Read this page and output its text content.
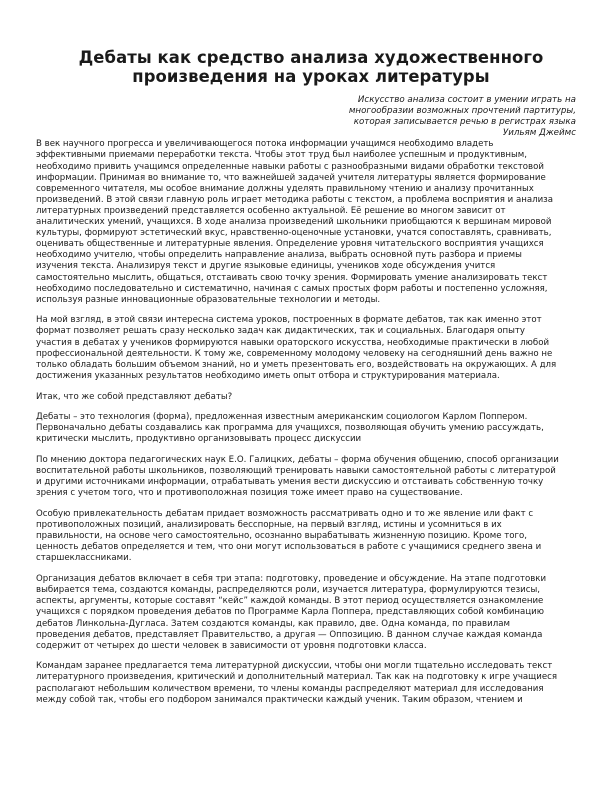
Дебаты как средство анализа художественного
произведения на уроках литературы
Искусство анализа состоит в умении играть на
многообразии возможных прочтений партитуры,
которая записывается речью в регистрах языка
Уильям Джеймс

В век научного прогресса и увеличивающегося потока информации учащимся необходимо владеть
эффективными приемами переработки текста. Чтобы этот труд был наиболее успешным и продуктивным,
необходимо привить учащимся определенные навыки работы с разнообразными видами обработки текстовой
информации. Принимая во внимание то, что важнейшей задачей учителя литературы является формирование
современного читателя, мы особое внимание должны уделять правильному чтению и анализу прочитанных
произведений. В этой связи главную роль играет методика работы с текстом, а проблема восприятия и анализа
литературных произведений представляется особенно актуальной. Её решение во многом зависит от
аналитических умений, учащихся. В ходе анализа произведений школьники приобщаются к вершинам мировой
культуры, формируют эстетический вкус, нравственно-оценочные установки, учатся сопоставлять, сравнивать,
оценивать общественные и литературные явления. Определение уровня читательского восприятия учащихся
необходимо учителю, чтобы определить направление анализа, выбрать основной путь разбора и приемы
изучения текста. Анализируя текст и другие языковые единицы, учеников ходе обсуждения учится
самостоятельно мыслить, общаться, отстаивать свою точку зрения. Формировать умение анализировать текст
необходимо последовательно и систематично, начиная с самых простых форм работы и постепенно усложняя,
используя разные инновационные образовательные технологии и методы.

На мой взгляд, в этой связи интересна система уроков, построенных в формате дебатов, так как именно этот
формат позволяет решать сразу несколько задач как дидактических, так и социальных. Благодаря опыту
участия в дебатах у учеников формируются навыки ораторского искусства, необходимые практически в любой
профессиональной деятельности. К тому же, современному молодому человеку на сегодняшний день важно не
только обладать большим объемом знаний, но и уметь презентовать его, воздействовать на окружающих. А для
достижения указанных результатов необходимо иметь опыт отбора и структурирования материала.

Итак, что же собой представляют дебаты?

Дебаты – это технология (форма), предложенная известным американским социологом Карлом Поппером.
Первоначально дебаты создавались как программа для учащихся, позволяющая обучить умению рассуждать,
критически мыслить, продуктивно организовывать процесс дискуссии

По мнению доктора педагогических наук Е.О. Галицких, дебаты – форма обучения общению, способ организации
воспитательной работы школьников, позволяющий тренировать навыки самостоятельной работы с литературой
и другими источниками информации, отрабатывать умения вести дискуссию и отстаивать собственную точку
зрения с учетом того, что и противоположная позиция тоже имеет право на существование.

Особую привлекательность дебатам придает возможность рассматривать одно и то же явление или факт с
противоположных позиций, анализировать бесспорные, на первый взгляд, истины и усомниться в их
правильности, на основе чего самостоятельно, осознанно вырабатывать жизненную позицию. Кроме того,
ценность дебатов определяется и тем, что они могут использоваться в работе с учащимися среднего звена и
старшеклассниками.

Организация дебатов включает в себя три этапа: подготовку, проведение и обсуждение. На этапе подготовки
выбирается тема, создаются команды, распределяются роли, изучается литература, формулируются тезисы,
аспекты, аргументы, которые составят “кейс” каждой команды. В этот период осуществляется ознакомление
учащихся с порядком проведения дебатов по Программе Карла Поппера, представляющих собой комбинацию
дебатов Линкольна-Дугласа. Затем создаются команды, как правило, две. Одна команда, по правилам
проведения дебатов, представляет Правительство, а другая — Оппозицию. В данном случае каждая команда
содержит от четырех до шести человек в зависимости от уровня подготовки класса.

Командам заранее предлагается тема литературной дискуссии, чтобы они могли тщательно исследовать текст
литературного произведения, критический и дополнительный материал. Так как на подготовку к игре учащиеся
располагают небольшим количеством времени, то члены команды распределяют материал для исследования
между собой так, чтобы его подбором занимался практически каждый ученик. Таким образом, чтением и
